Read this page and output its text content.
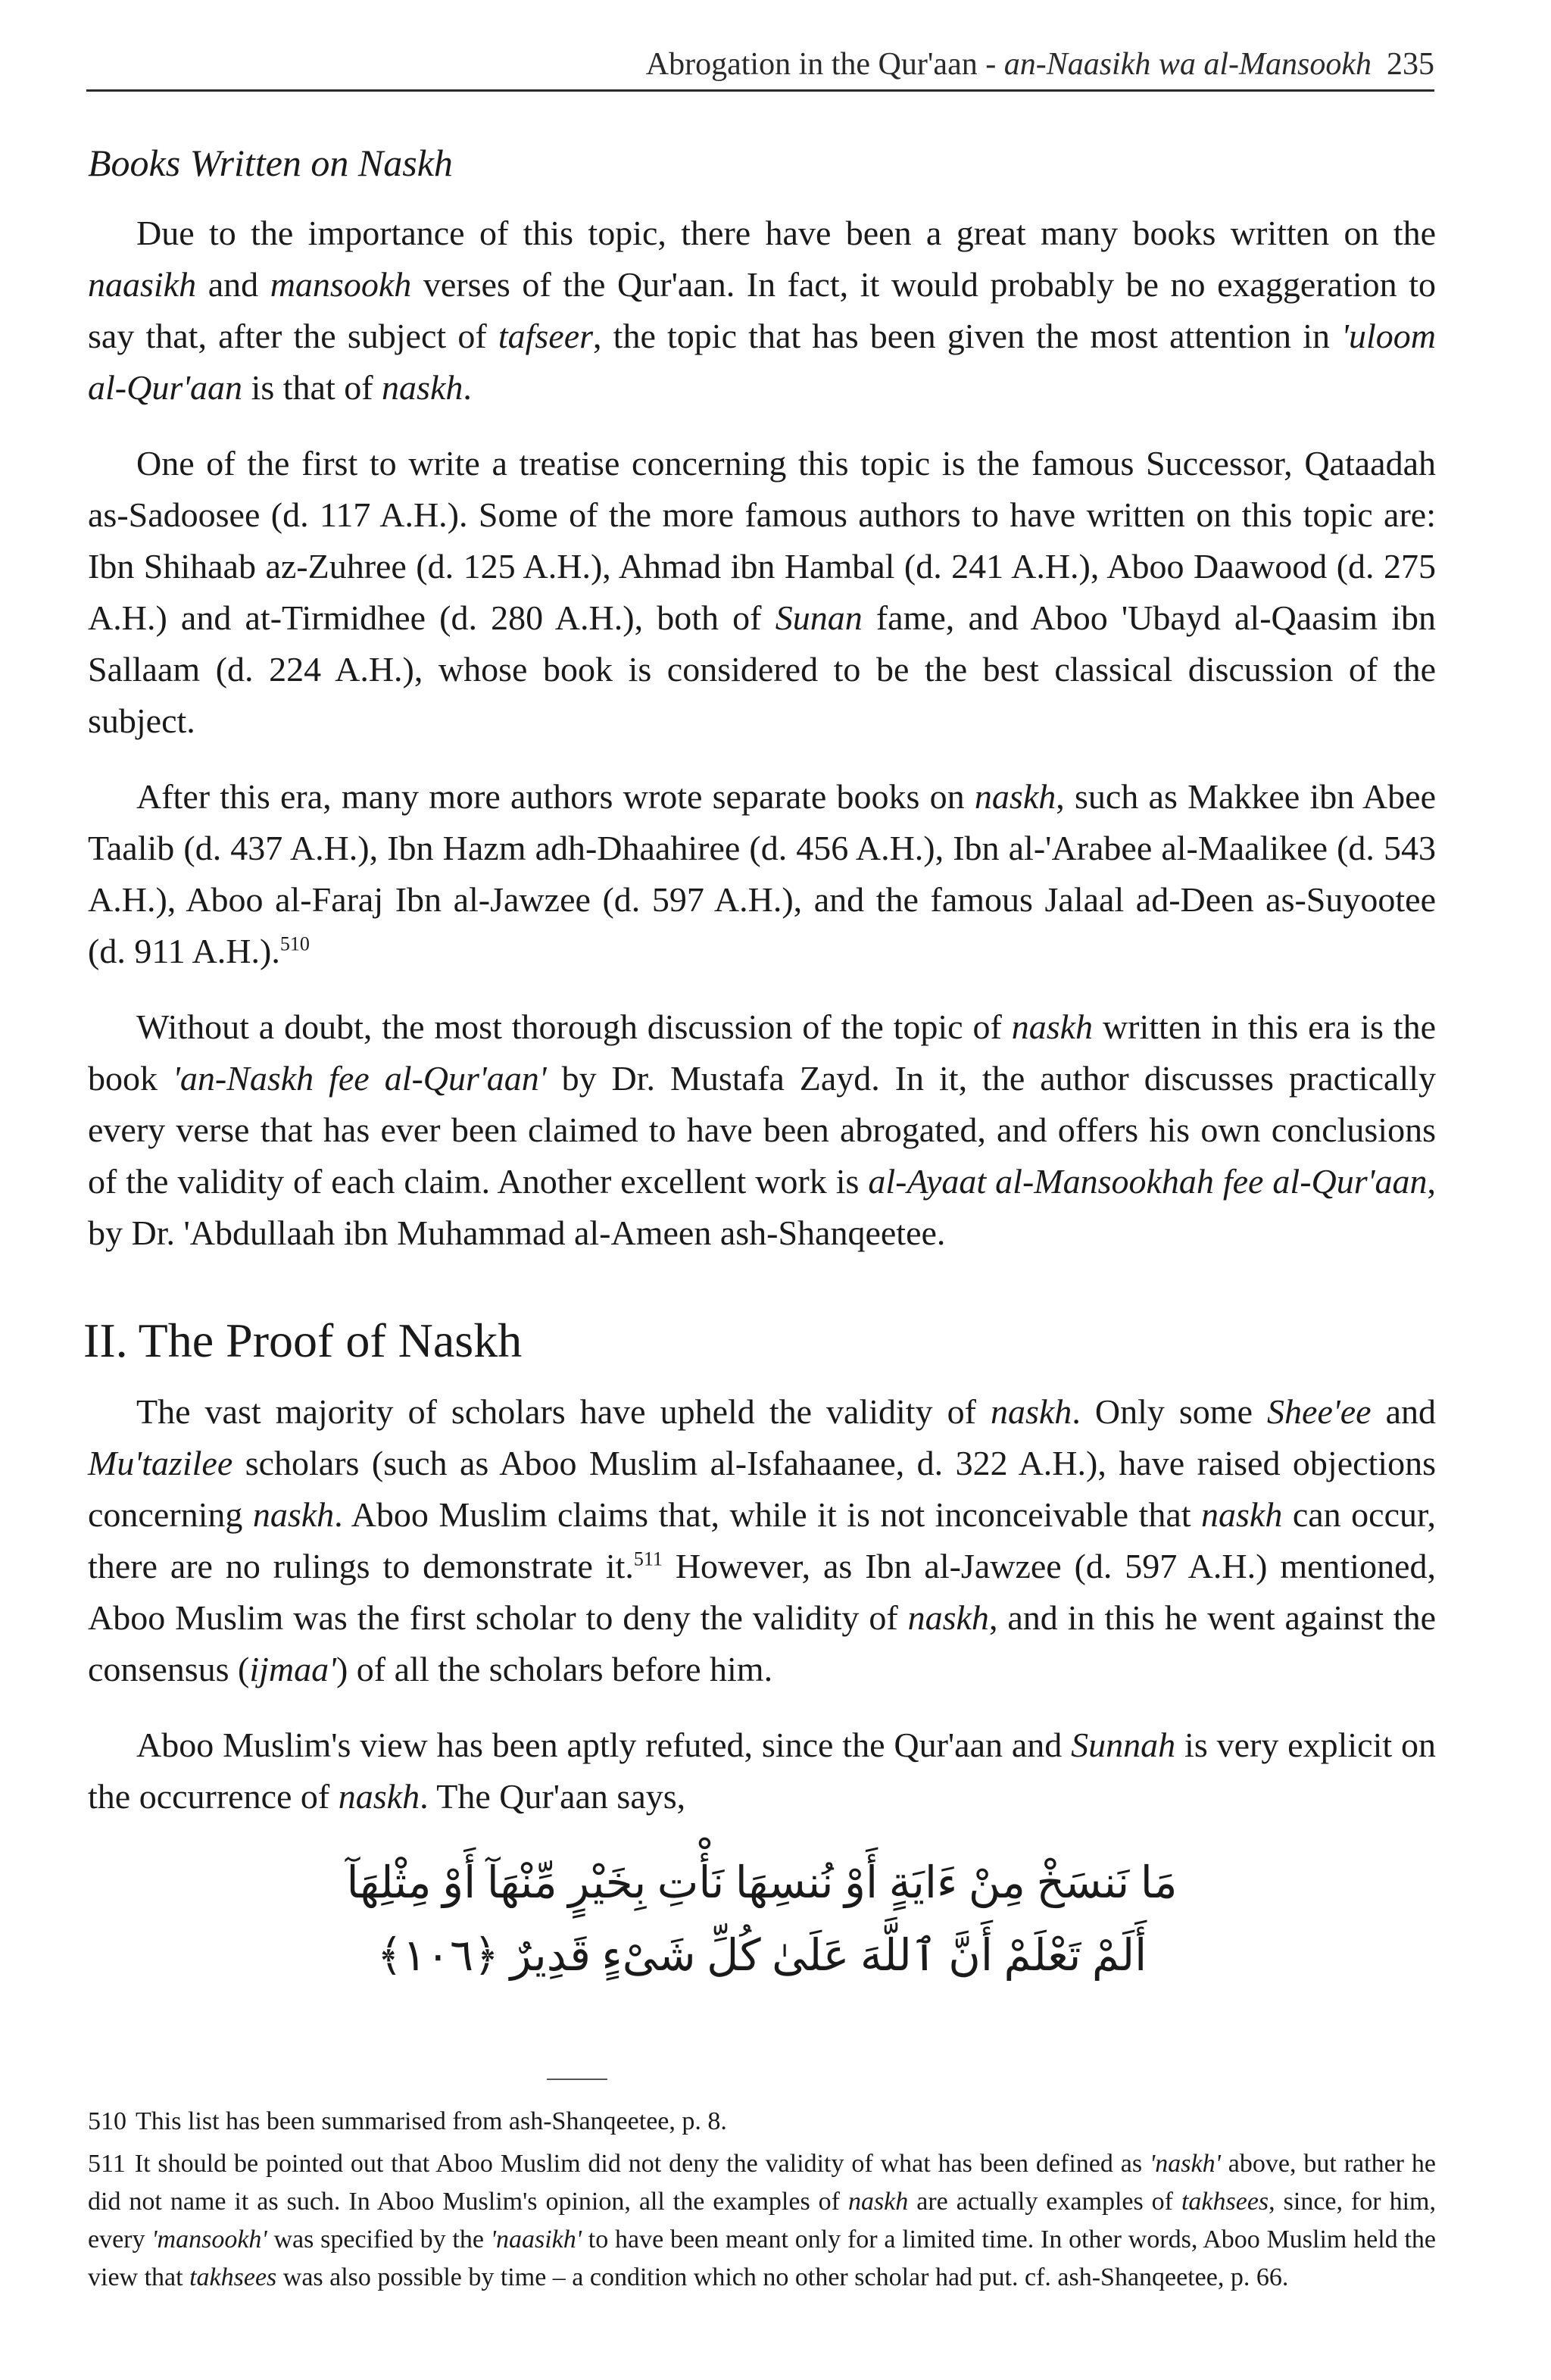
Abrogation in the Qur'aan - an-Naasikh wa al-Mansookh 235
Books Written on Naskh

Due to the importance of this topic, there have been a great many books written on the naasikh and mansookh verses of the Qur'aan. In fact, it would probably be no exaggeration to say that, after the subject of tafseer, the topic that has been given the most attention in 'uloom al-Qur'aan is that of naskh.

One of the first to write a treatise concerning this topic is the famous Successor, Qataadah as-Sadoosee (d. 117 A.H.). Some of the more famous authors to have written on this topic are: Ibn Shihaab az-Zuhree (d. 125 A.H.), Ahmad ibn Hambal (d. 241 A.H.), Aboo Daawood (d. 275 A.H.) and at-Tirmidhee (d. 280 A.H.), both of Sunan fame, and Aboo 'Ubayd al-Qaasim ibn Sallaam (d. 224 A.H.), whose book is considered to be the best classical discussion of the subject.

After this era, many more authors wrote separate books on naskh, such as Makkee ibn Abee Taalib (d. 437 A.H.), Ibn Hazm adh-Dhaahiree (d. 456 A.H.), Ibn al-'Arabee al-Maalikee (d. 543 A.H.), Aboo al-Faraj Ibn al-Jawzee (d. 597 A.H.), and the famous Jalaal ad-Deen as-Suyootee (d. 911 A.H.).$^{510}$

Without a doubt, the most thorough discussion of the topic of naskh written in this era is the book 'an-Naskh fee al-Qur'aan' by Dr. Mustafa Zayd. In it, the author discusses practically every verse that has ever been claimed to have been abrogated, and offers his own conclusions of the validity of each claim. Another excellent work is al-Ayaat al-Mansookhah fee al-Qur'aan, by Dr. 'Abdullaah ibn Muhammad al-Ameen ash-Shanqeetee.

II. The Proof of Naskh

The vast majority of scholars have upheld the validity of naskh. Only some Shee'ee and Mu'tazilee scholars (such as Aboo Muslim al-Isfahaanee, d. 322 A.H.), have raised objections concerning naskh. Aboo Muslim claims that, while it is not inconceivable that naskh can occur, there are no rulings to demonstrate it.$^{511}$ However, as Ibn al-Jawzee (d. 597 A.H.) mentioned, Aboo Muslim was the first scholar to deny the validity of naskh, and in this he went against the consensus (ijmaa') of all the scholars before him.

Aboo Muslim's view has been aptly refuted, since the Qur'aan and Sunnah is very explicit on the occurrence of naskh. The Qur'aan says,

مَا نَنسَخْ مِنْ ءَايَةٍ أَوْ نُنسِهَا نَأْتِ بِخَيْرٍ مِّنْهَآ أَوْ مِثْلِهَآ
أَلَمْ تَعْلَمْ أَنَّ ٱللَّهَ عَلَىٰ كُلِّ شَىْءٍ قَدِيرٌ ﴿١٠٦﴾
510 This list has been summarised from ash-Shanqeetee, p. 8.
511 It should be pointed out that Aboo Muslim did not deny the validity of what has been defined as 'naskh' above, but rather he did not name it as such. In Aboo Muslim's opinion, all the examples of naskh are actually examples of takhsees, since, for him, every 'mansookh' was specified by the 'naasikh' to have been meant only for a limited time. In other words, Aboo Muslim held the view that takhsees was also possible by time – a condition which no other scholar had put. cf. ash-Shanqeetee, p. 66.
